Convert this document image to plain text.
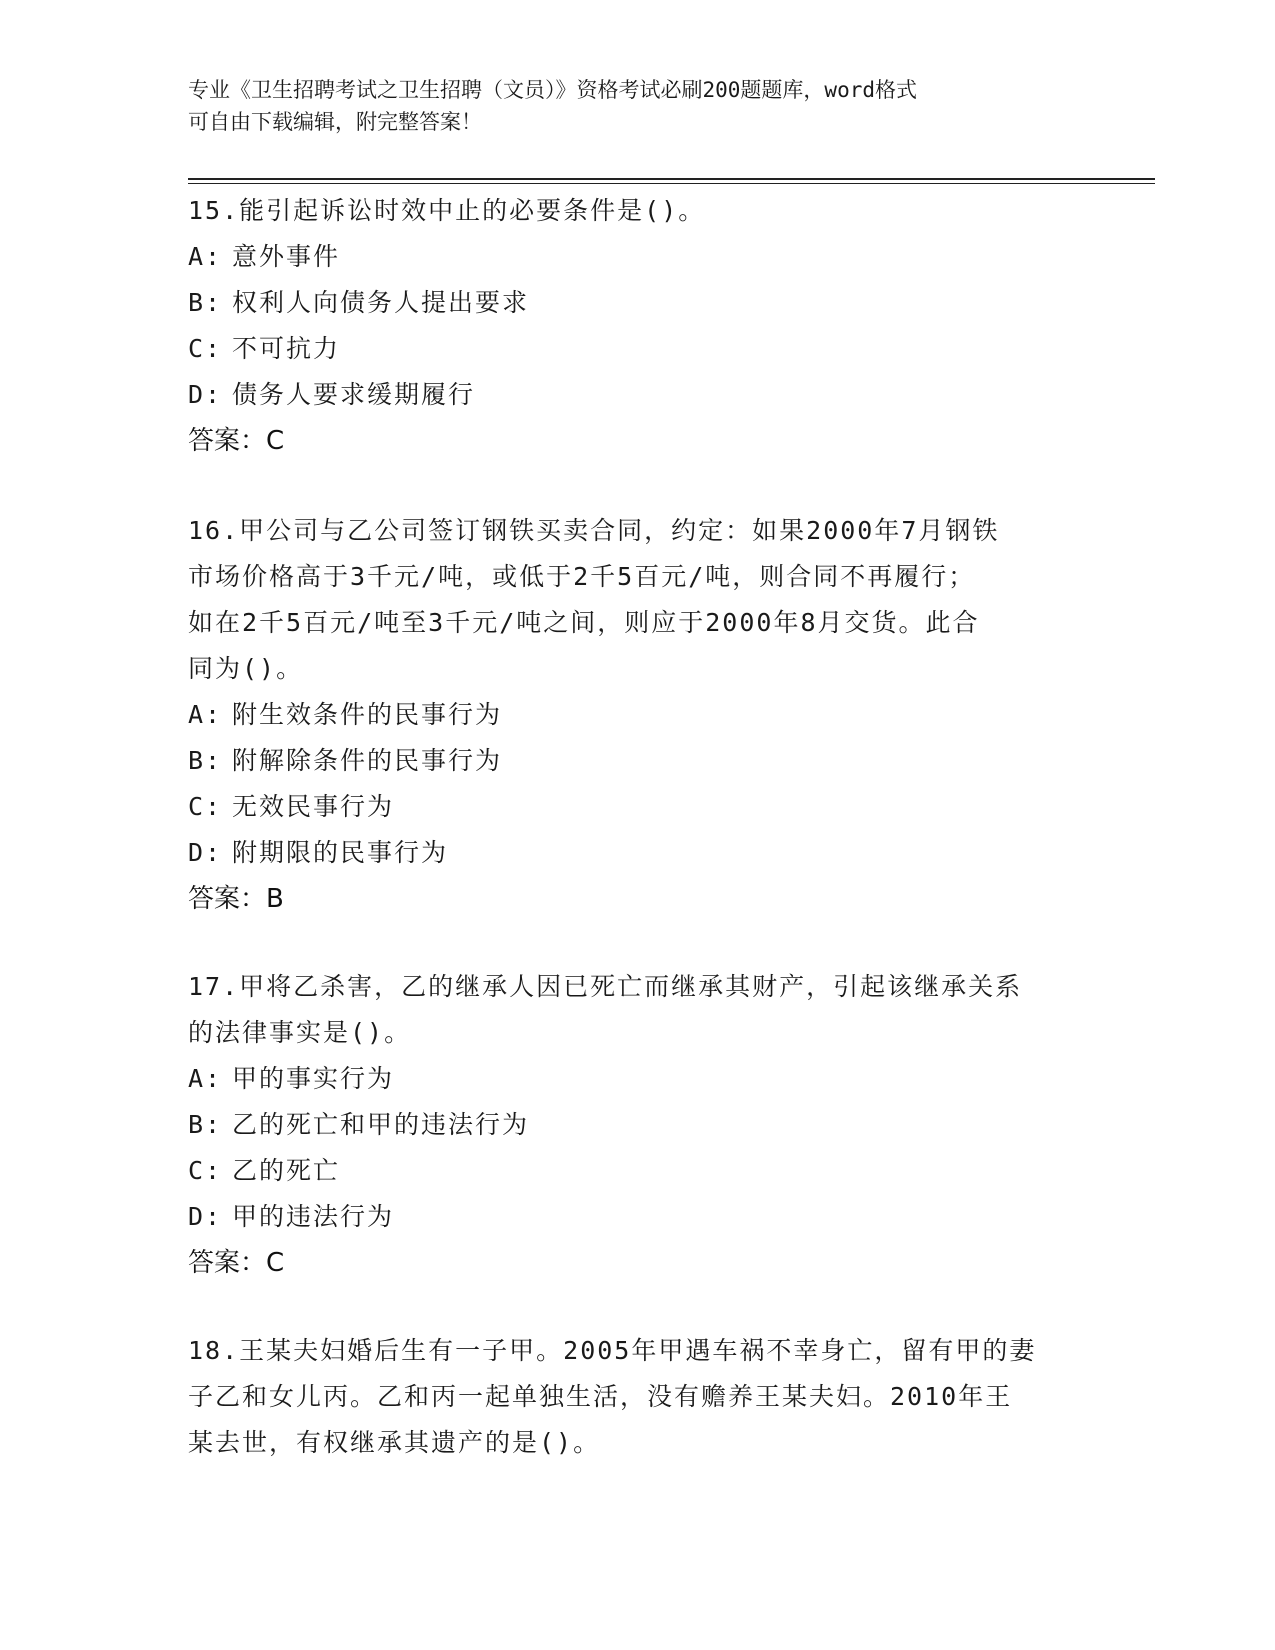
专业《卫生招聘考试之卫生招聘（文员）》资格考试必刷200题题库，word格式
可自由下载编辑，附完整答案！
15.能引起诉讼时效中止的必要条件是()。
A: 意外事件
B: 权利人向债务人提出要求
C: 不可抗力
D: 债务人要求缓期履行
答案：C
16.甲公司与乙公司签订钢铁买卖合同，约定：如果2000年7月钢铁
市场价格高于3千元/吨，或低于2千5百元/吨，则合同不再履行；
如在2千5百元/吨至3千元/吨之间，则应于2000年8月交货。此合
同为()。
A: 附生效条件的民事行为
B: 附解除条件的民事行为
C: 无效民事行为
D: 附期限的民事行为
答案：B
17.甲将乙杀害，乙的继承人因已死亡而继承其财产，引起该继承关系
的法律事实是()。
A: 甲的事实行为
B: 乙的死亡和甲的违法行为
C: 乙的死亡
D: 甲的违法行为
答案：C
18.王某夫妇婚后生有一子甲。2005年甲遇车祸不幸身亡，留有甲的妻
子乙和女儿丙。乙和丙一起单独生活，没有赡养王某夫妇。2010年王
某去世，有权继承其遗产的是()。
